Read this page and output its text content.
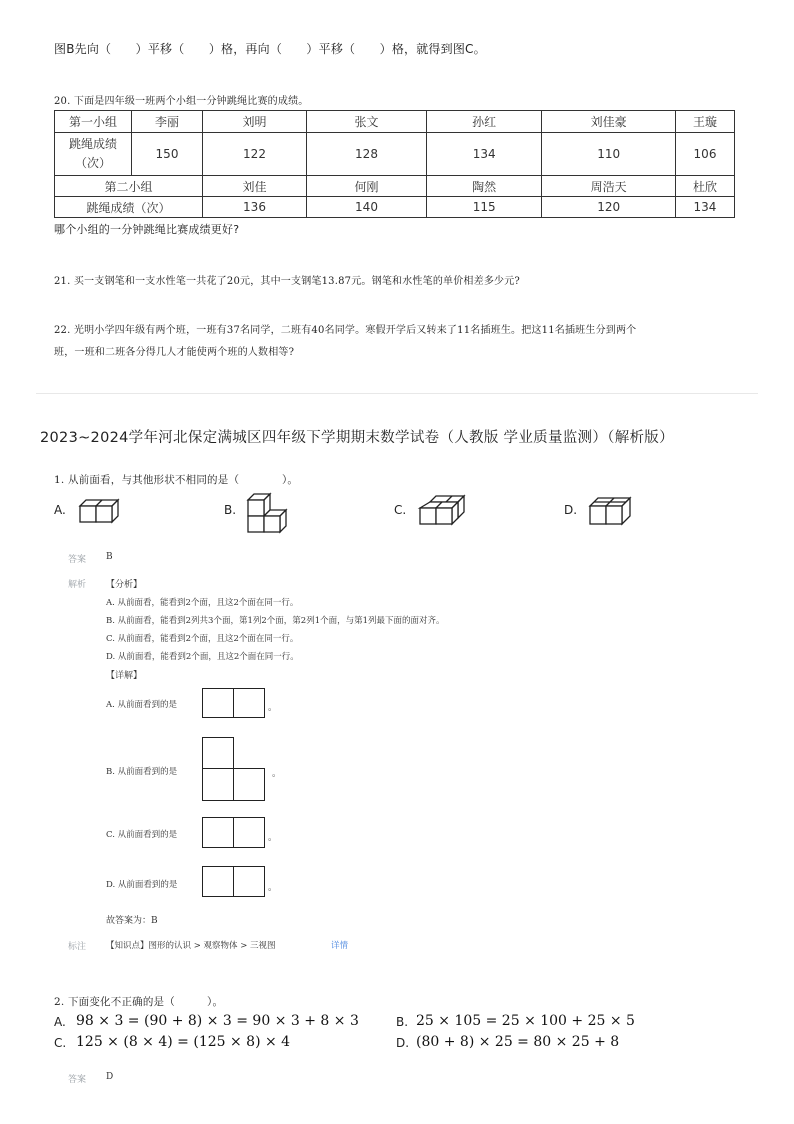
图B先向（　　）平移（　　）格，再向（　　）平移（　　）格，就得到图C。
20. 下面是四年级一班两个小组一分钟跳绳比赛的成绩。
第一小组	李丽	刘明	张文	孙红	刘佳豪	王璇
跳绳成绩
（次）	150	122	128	134	110	106
第二小组		刘佳	何刚	陶然	周浩天	杜欣
跳绳成绩（次）		136	140	115	120	134
哪个小组的一分钟跳绳比赛成绩更好?
21. 买一支钢笔和一支水性笔一共花了20元，其中一支钢笔13.87元。钢笔和水性笔的单价相差多少元?
22. 光明小学四年级有两个班，一班有37名同学，二班有40名同学。寒假开学后又转来了11名插班生。把这11名插班生分到两个
班，一班和二班各分得几人才能使两个班的人数相等?
2023~2024学年河北保定满城区四年级下学期期末数学试卷（人教版 学业质量监测）（解析版）
1. 从前面看，与其他形状不相同的是（　　　　）。
A.	B.	C.	D.
答案 B
解析 【分析】
A. 从前面看，能看到2个面，且这2个面在同一行。
B. 从前面看，能看到2列共3个面，第1列2个面，第2列1个面，与第1列最下面的面对齐。
C. 从前面看，能看到2个面，且这2个面在同一行。
D. 从前面看，能看到2个面，且这2个面在同一行。
【详解】
A. 从前面看到的是	。
B. 从前面看到的是	。
C. 从前面看到的是	。
D. 从前面看到的是	。
故答案为：B
标注 【知识点】图形的认识 > 观察物体 > 三视图	详情
2. 下面变化不正确的是（　　　）。
A. 98 × 3 = (90 + 8) × 3 = 90 × 3 + 8 × 3	B. 25 × 105 = 25 × 100 + 25 × 5
C. 125 × (8 × 4) = (125 × 8) × 4	D. (80 + 8) × 25 = 80 × 25 + 8
答案 D
